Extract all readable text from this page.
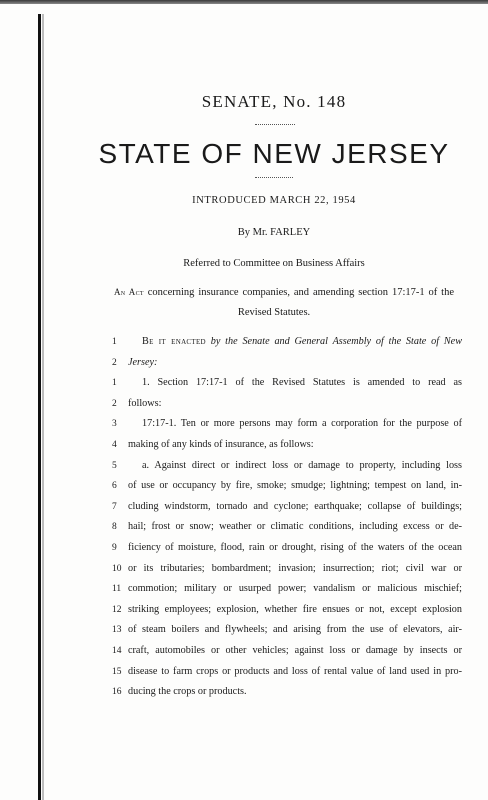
SENATE, No. 148
STATE OF NEW JERSEY
INTRODUCED MARCH 22, 1954
By Mr. FARLEY
Referred to Committee on Business Affairs
An Act concerning insurance companies, and amending section 17:17-1 of the
Revised Statutes.
1	Be it enacted by the Senate and General Assembly of the State of New
2	Jersey:
1	1. Section 17:17-1 of the Revised Statutes is amended to read as
2	follows:
3	17:17-1. Ten or more persons may form a corporation for the purpose of
4	making of any kinds of insurance, as follows:
5	a. Against direct or indirect loss or damage to property, including loss
6	of use or occupancy by fire, smoke; smudge; lightning; tempest on land, in-
7	cluding windstorm, tornado and cyclone; earthquake; collapse of buildings;
8	hail; frost or snow; weather or climatic conditions, including excess or de-
9	ficiency of moisture, flood, rain or drought, rising of the waters of the ocean
10 or its tributaries; bombardment; invasion; insurrection; riot; civil war or
11 commotion; military or usurped power; vandalism or malicious mischief;
12 striking employees; explosion, whether fire ensues or not, except explosion
13 of steam boilers and flywheels; and arising from the use of elevators, air-
14 craft, automobiles or other vehicles; against loss or damage by insects or
15 disease to farm crops or products and loss of rental value of land used in pro-
16 ducing the crops or products.
